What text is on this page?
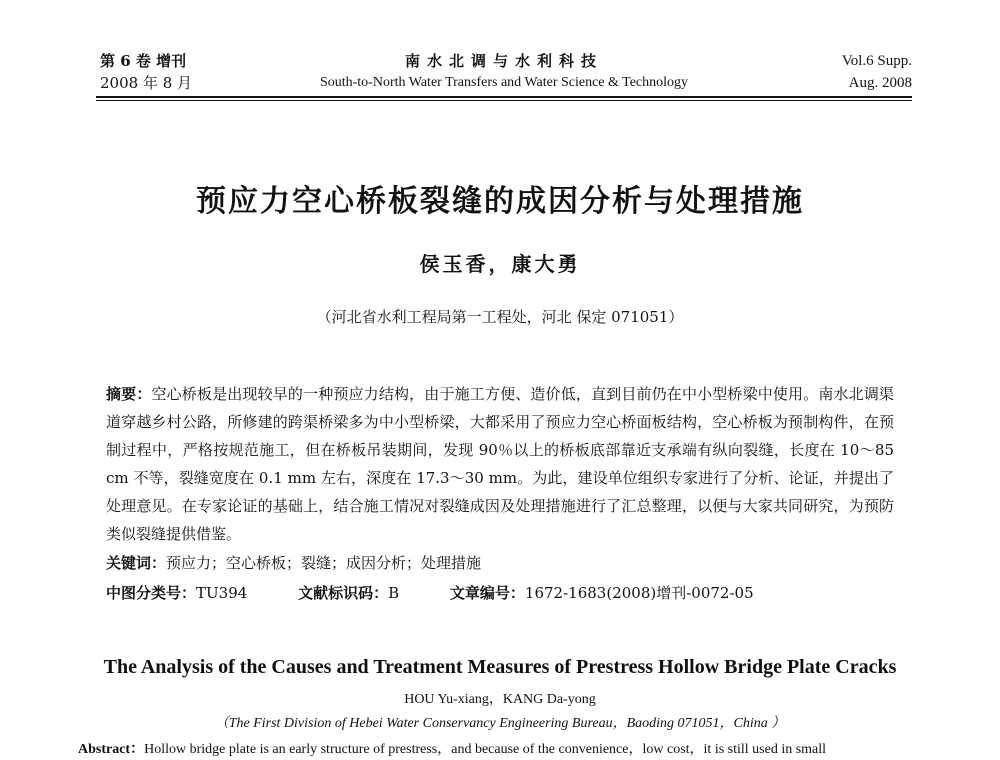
第 6 卷 增刊
2008 年 8 月
南水北调与水利科技
South-to-North Water Transfers and Water Science & Technology
Vol.6 Supp.
Aug. 2008
预应力空心桥板裂缝的成因分析与处理措施
侯玉香，康大勇
（河北省水利工程局第一工程处，河北 保定 071051）
摘要：空心桥板是出现较早的一种预应力结构，由于施工方便、造价低，直到目前仍在中小型桥梁中使用。南水北调渠道穿越乡村公路，所修建的跨渠桥梁多为中小型桥梁，大都采用了预应力空心桥面板结构，空心桥板为预制构件，在预制过程中，严格按规范施工，但在桥板吊装期间，发现 90％以上的桥板底部靠近支承端有纵向裂缝，长度在 10～85 cm 不等，裂缝宽度在 0.1 mm 左右，深度在 17.3～30 mm。为此，建设单位组织专家进行了分析、论证，并提出了处理意见。在专家论证的基础上，结合施工情况对裂缝成因及处理措施进行了汇总整理，以便与大家共同研究，为预防类似裂缝提供借鉴。
关键词：预应力；空心桥板；裂缝；成因分析；处理措施
中图分类号：TU394	文献标识码：B	文章编号：1672-1683(2008)增刊-0072-05
The Analysis of the Causes and Treatment Measures of Prestress Hollow Bridge Plate Cracks
HOU Yu-xiang，KANG Da-yong
（The First Division of Hebei Water Conservancy Engineering Bureau，Baoding 071051，China ）
Abstract：Hollow bridge plate is an early structure of prestress，and because of the convenience，low cost，it is still used in small
